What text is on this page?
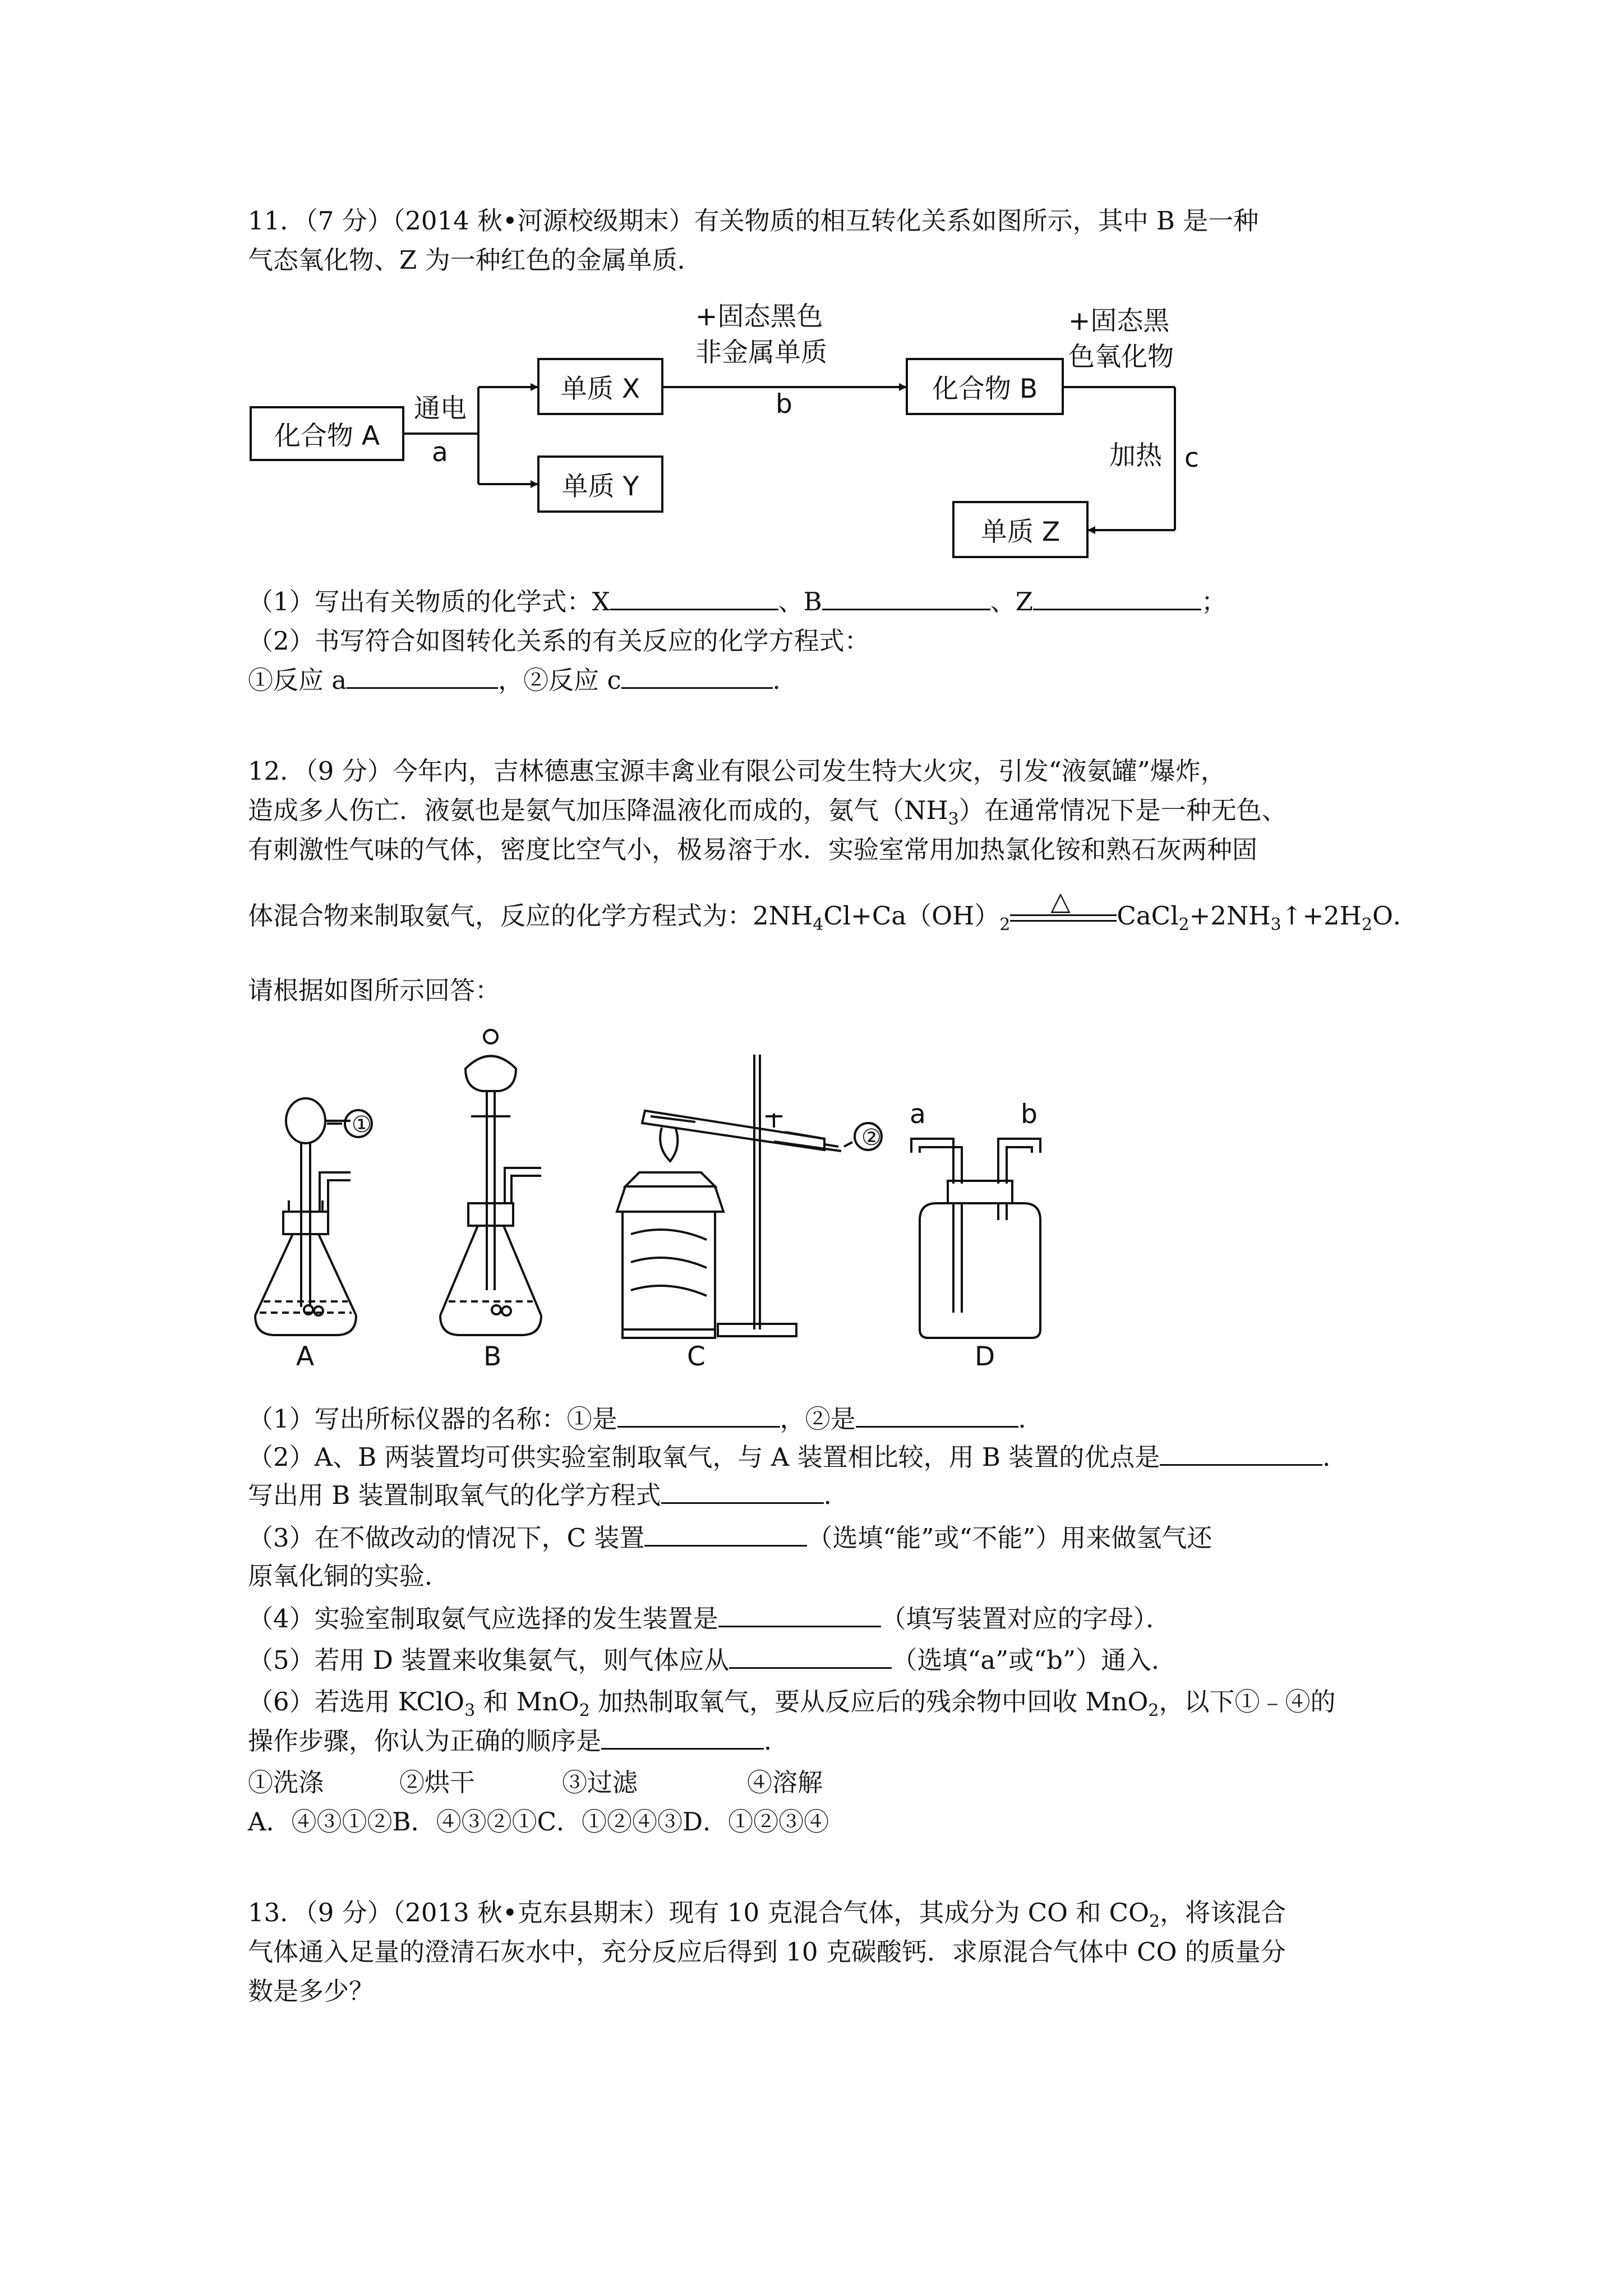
11．（7 分）（2014 秋•河源校级期末）有关物质的相互转化关系如图所示，其中 B 是一种
气态氧化物、Z 为一种红色的金属单质．
化合物 A
单质 X
单质 Y
化合物 B
单质 Z
通电
a
+固态黑色
非金属单质
b
+固态黑
色氧化物
加热 c
（1）写出有关物质的化学式：X	、B	、Z	；
（2）书写符合如图转化关系的有关反应的化学方程式：
①反应 a	，②反应 c	．
12．（9 分）今年内，吉林德惠宝源丰禽业有限公司发生特大火灾，引发“液氨罐”爆炸，
造成多人伤亡．液氨也是氨气加压降温液化而成的，氨气$(NH_3)$在通常情况下是一种无色、
有刺激性气味的气体，密度比空气小，极易溶于水．实验室常用加热氯化铵和熟石灰两种固
体混合物来制取氨气，反应的化学方程式为：$2NH_4Cl+Ca(OH)_2$
△ $CaCl_2+2NH_3↑+2H_2O$．
请根据如图所示回答：
①	②
a	b
A	B	C	D
（1）写出所标仪器的名称：①是	，②是	．
（2）A、B 两装置均可供实验室制取氧气，与 A 装置相比较，用 B 装置的优点是	．
写出用 B 装置制取氧气的化学方程式	．
（3）在不做改动的情况下，C 装置	（选填“能”或“不能”）用来做氢气还
原氧化铜的实验．
（4）实验室制取氨气应选择的发生装置是	（填写装置对应的字母）．
（5）若用 D 装置来收集氨气，则气体应从	（选填“a”或“b”）通入．
（6）若选用 KClO$_3$ 和 MnO$_2$ 加热制取氧气，要从反应后的残余物中回收 MnO$_2$，以下①﹣④的
操作步骤，你认为正确的顺序是	．
①洗涤	②烘干	③过滤	④溶解
A．④③①②B．④③②①C．①②④③D．①②③④
13．（9 分）（2013 秋•克东县期末）现有 10 克混合气体，其成分为 CO 和 $CO_2$，将该混合
气体通入足量的澄清石灰水中，充分反应后得到 10 克碳酸钙．求原混合气体中 CO 的质量分
数是多少？
